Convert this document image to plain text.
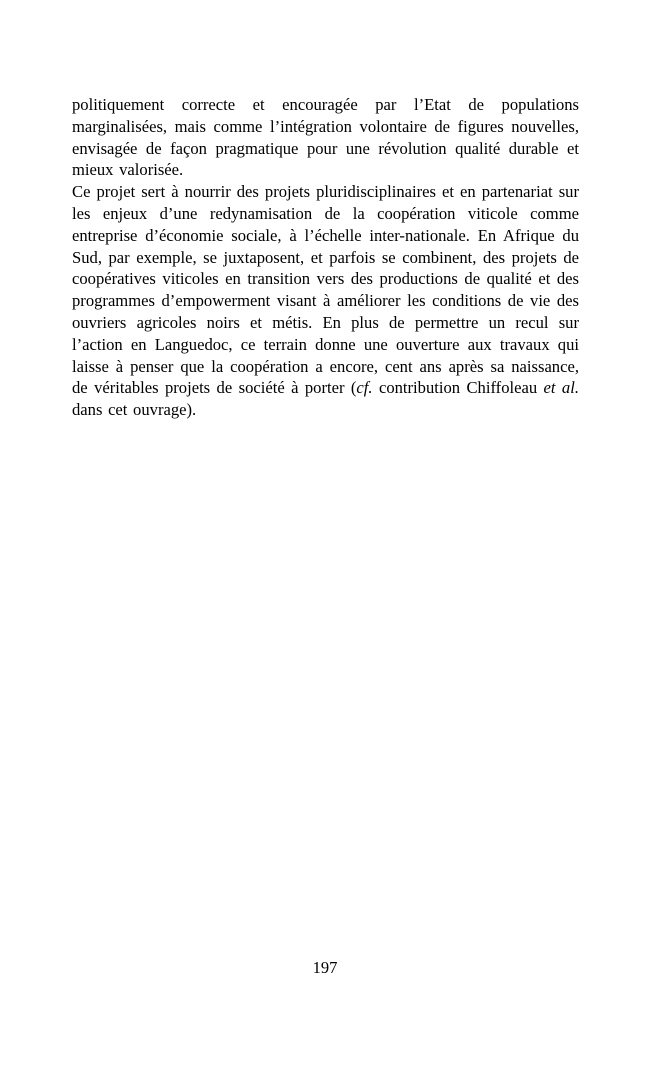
politiquement correcte et encouragée par l’Etat de populations marginalisées, mais comme l’intégration volontaire de figures nouvelles, envisagée de façon pragmatique pour une révolution qualité durable et mieux valorisée.

Ce projet sert à nourrir des projets pluridisciplinaires et en partenariat sur les enjeux d’une redynamisation de la coopération viticole comme entreprise d’économie sociale, à l’échelle inter-nationale. En Afrique du Sud, par exemple, se juxtaposent, et parfois se combinent, des projets de coopératives viticoles en transition vers des productions de qualité et des programmes d’empowerment visant à améliorer les conditions de vie des ouvriers agricoles noirs et métis. En plus de permettre un recul sur l’action en Languedoc, ce terrain donne une ouverture aux travaux qui laisse à penser que la coopération a encore, cent ans après sa naissance, de véritables projets de société à porter (cf. contribution Chiffoleau et al. dans cet ouvrage).

197
